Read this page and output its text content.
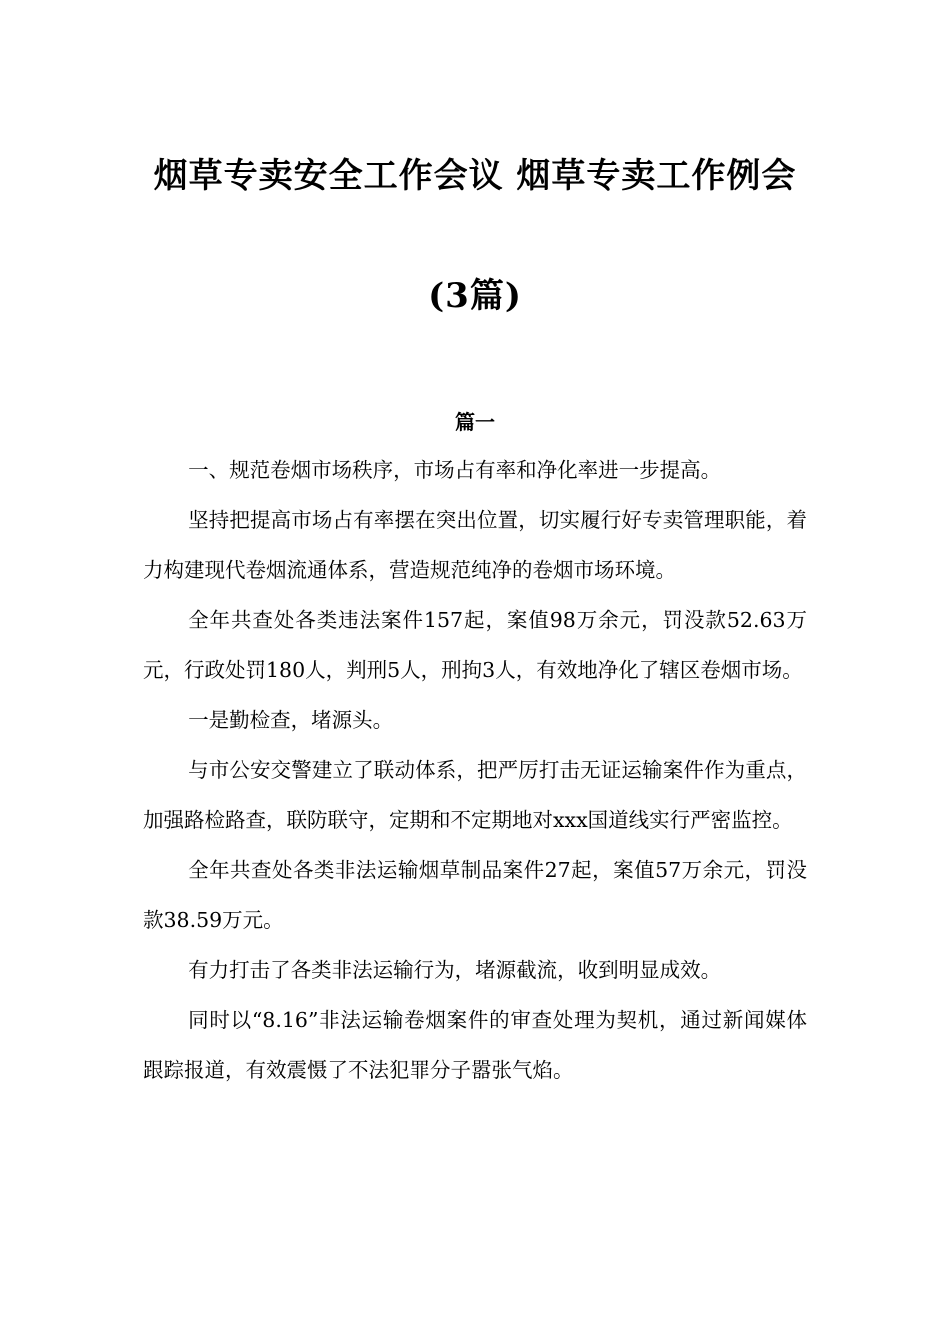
烟草专卖安全工作会议 烟草专卖工作例会
(3篇)
篇一

一、规范卷烟市场秩序，市场占有率和净化率进一步提高。

坚持把提高市场占有率摆在突出位置，切实履行好专卖管理职能，着力构建现代卷烟流通体系，营造规范纯净的卷烟市场环境。

全年共查处各类违法案件157起，案值98万余元，罚没款52.63万元，行政处罚180人，判刑5人，刑拘3人，有效地净化了辖区卷烟市场。

一是勤检查，堵源头。

与市公安交警建立了联动体系，把严厉打击无证运输案件作为重点，加强路检路查，联防联守，定期和不定期地对xxx国道线实行严密监控。

全年共查处各类非法运输烟草制品案件27起，案值57万余元，罚没款38.59万元。

有力打击了各类非法运输行为，堵源截流，收到明显成效。

同时以“8.16”非法运输卷烟案件的审查处理为契机，通过新闻媒体跟踪报道，有效震慑了不法犯罪分子嚣张气焰。
